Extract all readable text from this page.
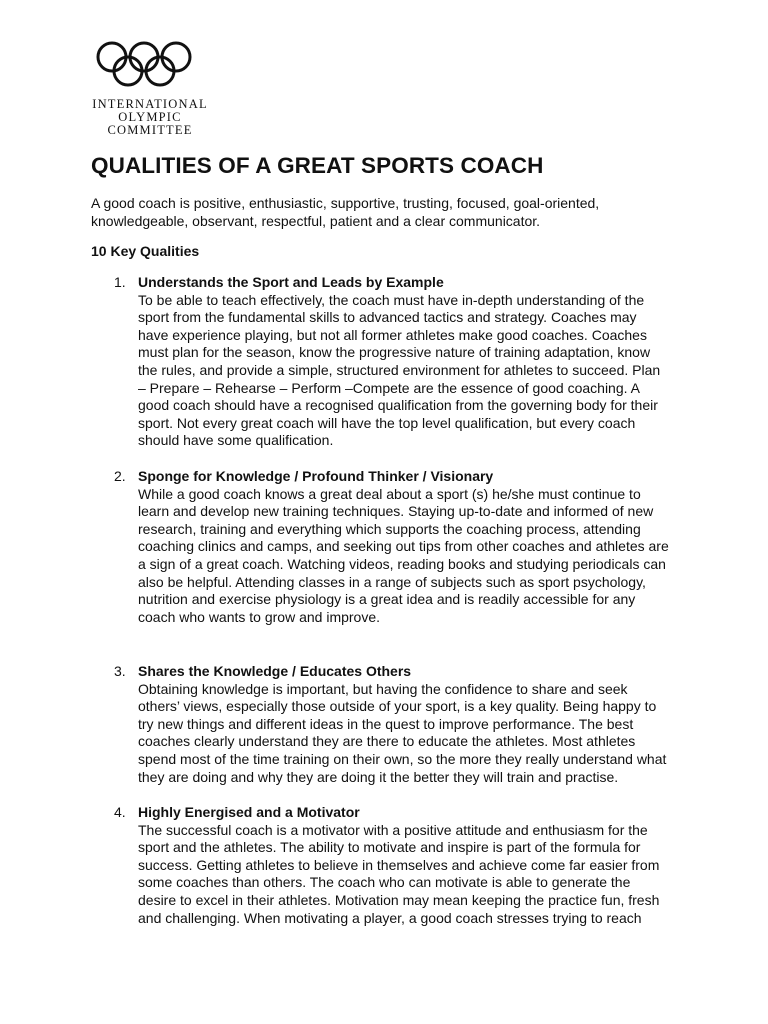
INTERNATIONAL
OLYMPIC
COMMITTEE
QUALITIES OF A GREAT SPORTS COACH

A good coach is positive, enthusiastic, supportive, trusting, focused, goal-oriented,
knowledgeable, observant, respectful, patient and a clear communicator.

10 Key Qualities
1. Understands the Sport and Leads by Example

To be able to teach effectively, the coach must have in-depth understanding of the
sport from the fundamental skills to advanced tactics and strategy. Coaches may
have experience playing, but not all former athletes make good coaches. Coaches
must plan for the season, know the progressive nature of training adaptation, know
the rules, and provide a simple, structured environment for athletes to succeed. Plan
– Prepare – Rehearse – Perform –Compete are the essence of good coaching. A
good coach should have a recognised qualification from the governing body for their
sport. Not every great coach will have the top level qualification, but every coach
should have some qualification.

2. Sponge for Knowledge / Profound Thinker / Visionary

While a good coach knows a great deal about a sport (s) he/she must continue to
learn and develop new training techniques. Staying up-to-date and informed of new
research, training and everything which supports the coaching process, attending
coaching clinics and camps, and seeking out tips from other coaches and athletes are
a sign of a great coach. Watching videos, reading books and studying periodicals can
also be helpful. Attending classes in a range of subjects such as sport psychology,
nutrition and exercise physiology is a great idea and is readily accessible for any
coach who wants to grow and improve.

3. Shares the Knowledge / Educates Others

Obtaining knowledge is important, but having the confidence to share and seek
others’ views, especially those outside of your sport, is a key quality. Being happy to
try new things and different ideas in the quest to improve performance. The best
coaches clearly understand they are there to educate the athletes. Most athletes
spend most of the time training on their own, so the more they really understand what
they are doing and why they are doing it the better they will train and practise.

4. Highly Energised and a Motivator

The successful coach is a motivator with a positive attitude and enthusiasm for the
sport and the athletes. The ability to motivate and inspire is part of the formula for
success. Getting athletes to believe in themselves and achieve come far easier from
some coaches than others. The coach who can motivate is able to generate the
desire to excel in their athletes. Motivation may mean keeping the practice fun, fresh
and challenging. When motivating a player, a good coach stresses trying to reach
